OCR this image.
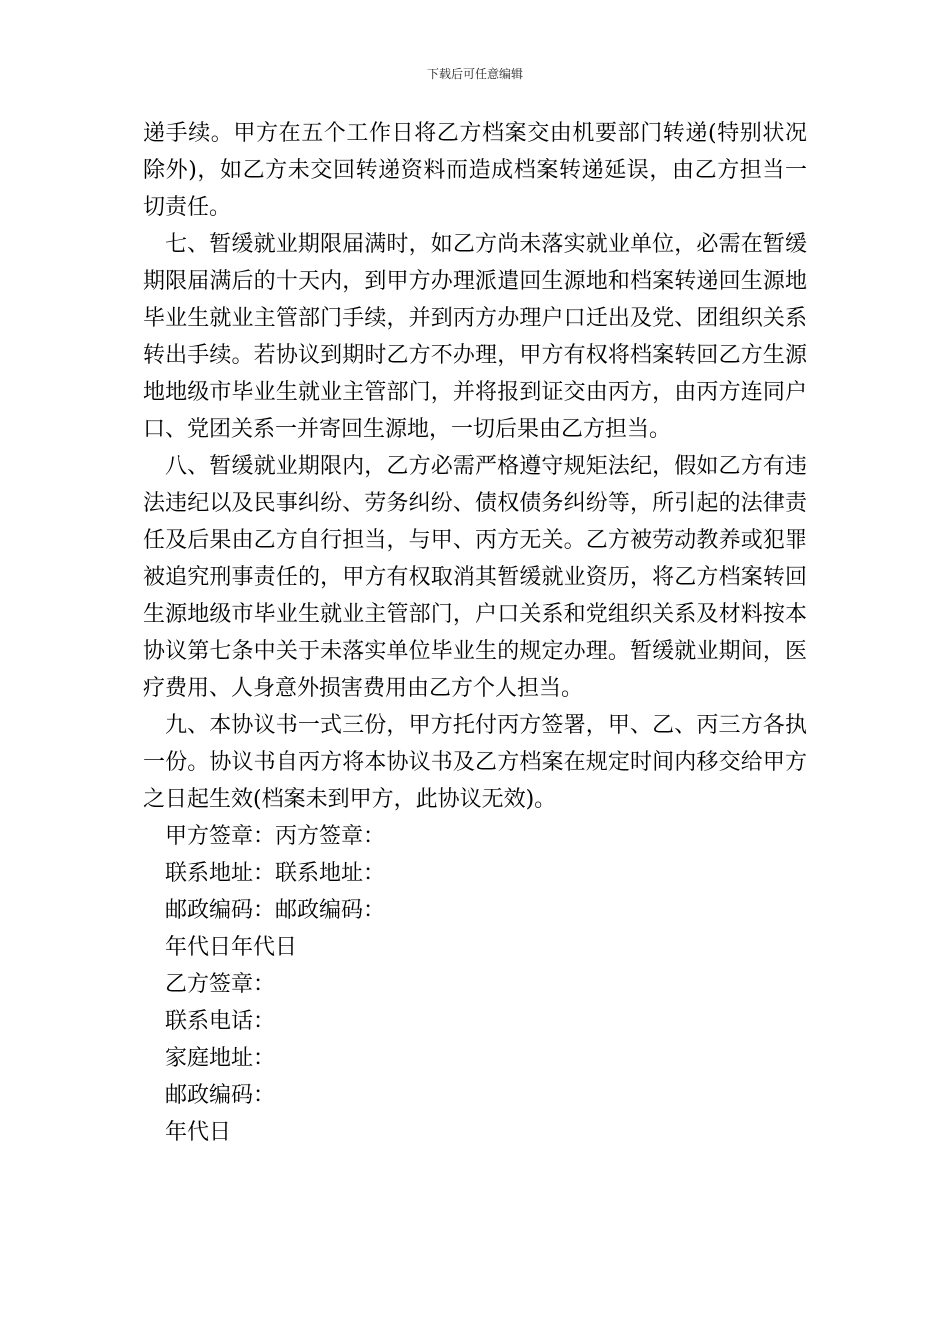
下载后可任意编辑

递手续。甲方在五个工作日将乙方档案交由机要部门转递(特别状况除外)，如乙方未交回转递资料而造成档案转递延误，由乙方担当一切责任。

七、暂缓就业期限届满时，如乙方尚未落实就业单位，必需在暂缓期限届满后的十天内，到甲方办理派遣回生源地和档案转递回生源地毕业生就业主管部门手续，并到丙方办理户口迁出及党、团组织关系转出手续。若协议到期时乙方不办理，甲方有权将档案转回乙方生源地地级市毕业生就业主管部门，并将报到证交由丙方，由丙方连同户口、党团关系一并寄回生源地，一切后果由乙方担当。

八、暂缓就业期限内，乙方必需严格遵守规矩法纪，假如乙方有违法违纪以及民事纠纷、劳务纠纷、债权债务纠纷等，所引起的法律责任及后果由乙方自行担当，与甲、丙方无关。乙方被劳动教养或犯罪被追究刑事责任的，甲方有权取消其暂缓就业资历，将乙方档案转回生源地级市毕业生就业主管部门，户口关系和党组织关系及材料按本协议第七条中关于未落实单位毕业生的规定办理。暂缓就业期间，医疗费用、人身意外损害费用由乙方个人担当。

九、本协议书一式三份，甲方托付丙方签署，甲、乙、丙三方各执一份。协议书自丙方将本协议书及乙方档案在规定时间内移交给甲方之日起生效(档案未到甲方，此协议无效)。

甲方签章：丙方签章：

联系地址：联系地址：

邮政编码：邮政编码：

年代日年代日

乙方签章：

联系电话：

家庭地址：

邮政编码：

年代日
